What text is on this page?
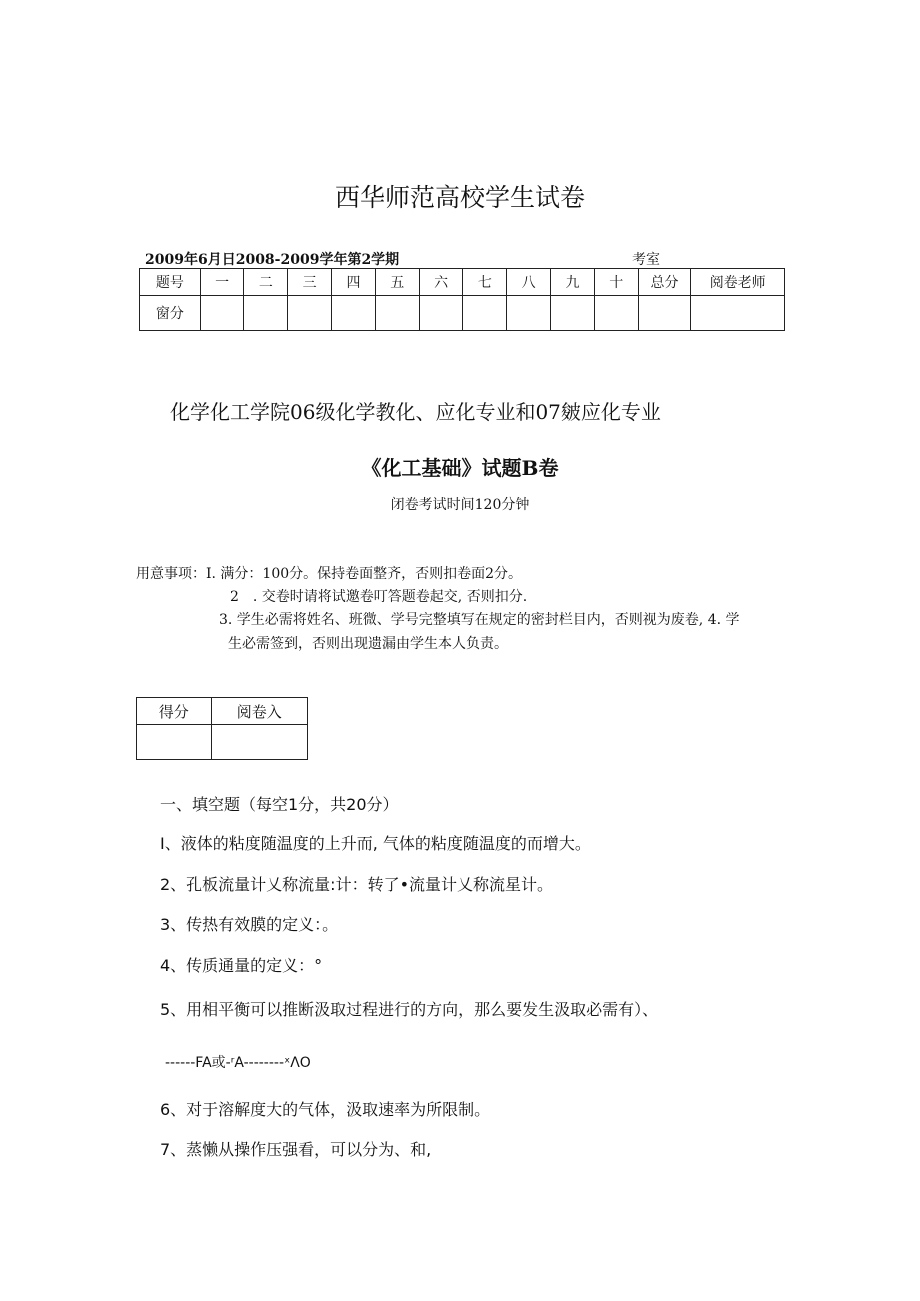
西华师范高校学生试卷
2009年6月日2008-2009学年第2学期	考室
题号	一	二	三	四	五	六	七	八	九	十	总分	阅卷老师
窗分												
化学化工学院06级化学教化、应化专业和07皴应化专业
《化工基础》试题B卷
闭卷考试时间120分钟
用意事项：I. 满分：100分。保持卷面整齐，否则扣卷面2分。
2　. 交卷时请将试邀卷叮答题卷起交, 否则扣分.
3. 学生必需将姓名、班微、学号完整填写在规定的密封栏目内，否则视为废卷, 4. 学
生必需签到，否则出现遗漏由学生本人负责。
得分	阅卷入

一、填空题（每空1分，共20分）
I、液体的粘度随温度的上升而, 气体的粘度随温度的而增大。
2、孔板流量计乂称流量:计：转了•流量计乂称流星计。
3、传热有效膜的定义：。
4、传质通量的定义：°
5、用相平衡可以推断汲取过程进行的方向，那么要发生汲取必需有）、
------FA或-ʳA--------ˣΛO
6、对于溶解度大的气体，汲取速率为所限制。
7、蒸懒从操作压强看，可以分为、和,
